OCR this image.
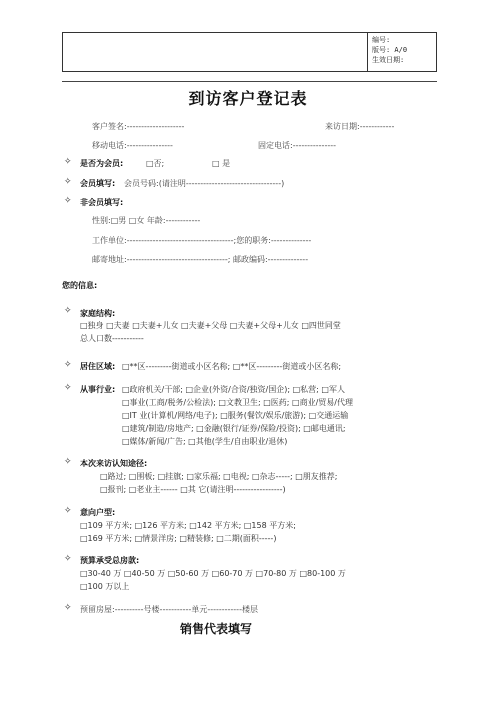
编号:
版号: A/0
生效日期:
到访客户登记表
客户签名:--------------------	来访日期:------------
移动电话:----------------	固定电话:---------------
✧ 是否为会员:	□否;	□ 是
✧ 会员填写: 会员号码:(请注明---------------------------------)
✧ 非会员填写:
性别:□男 □女 年龄:------------
工作单位:-------------------------------------;您的职务:--------------
邮寄地址:-----------------------------------; 邮政编码:--------------
您的信息:
✧ 家庭结构:
□独身 □夫妻 □夫妻+儿女 □夫妻+父母 □夫妻+父母+儿女 □四世同堂
总人口数-----------
✧ 居住区域: □**区---------街道或小区名称; □**区---------街道或小区名称;
✧ 从事行业: □政府机关/干部; □企业(外资/合资/独资/国企); □私营; □军人
□事业(工商/税务/公检法); □文教卫生; □医药; □商业/贸易/代理
□IT 业(计算机/网络/电子); □服务(餐饮/娱乐/旅游); □交通运输
□建筑/制造/房地产; □金融(银行/证券/保险/投资); □邮电通讯;
□媒体/新闻/广告; □其他(学生/自由职业/退休)
✧ 本次来访认知途径:
□路过; □围板; □挂旗; □家乐福; □电视; □杂志-----; □朋友推荐;
□报刊; □老业主------ □其 它(请注明-----------------)
✧ 意向户型:
□109 平方米; □126 平方米; □142 平方米; □158 平方米;
□169 平方米; □情景洋房; □精装修; □二期(面积-----)
✧ 预算承受总房款:
□30-40 万 □40-50 万 □50-60 万 □60-70 万 □70-80 万 □80-100 万
□100 万以上
✧ 预留房屋:----------号楼-----------单元------------楼层
销售代表填写
